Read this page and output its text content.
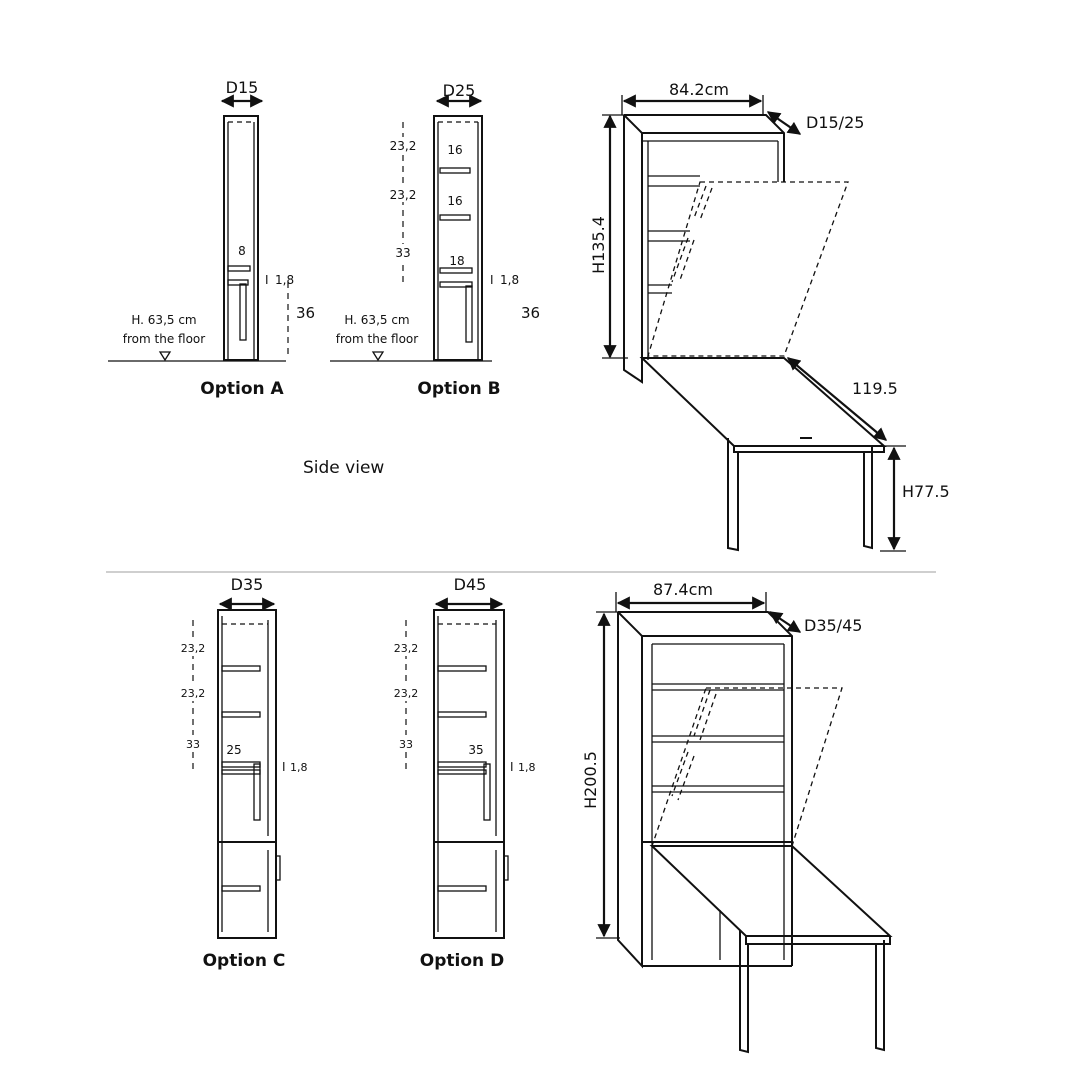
D15
8
Ι 1,8
36
H. 63,5 cm
from the floor
Option A
D25
16
16
18
23,2
23,2
33
Ι 1,8
36
H. 63,5 cm
from the floor
Option B
Side view
84.2cm
D15/25
H135.4
119.5
H77.5
D35
23,2
23,2
33 25
Ι 1,8
Option C
D45
23,2
23,2
33	35
Ι 1,8
Option D
87.4cm
D35/45
H200.5
